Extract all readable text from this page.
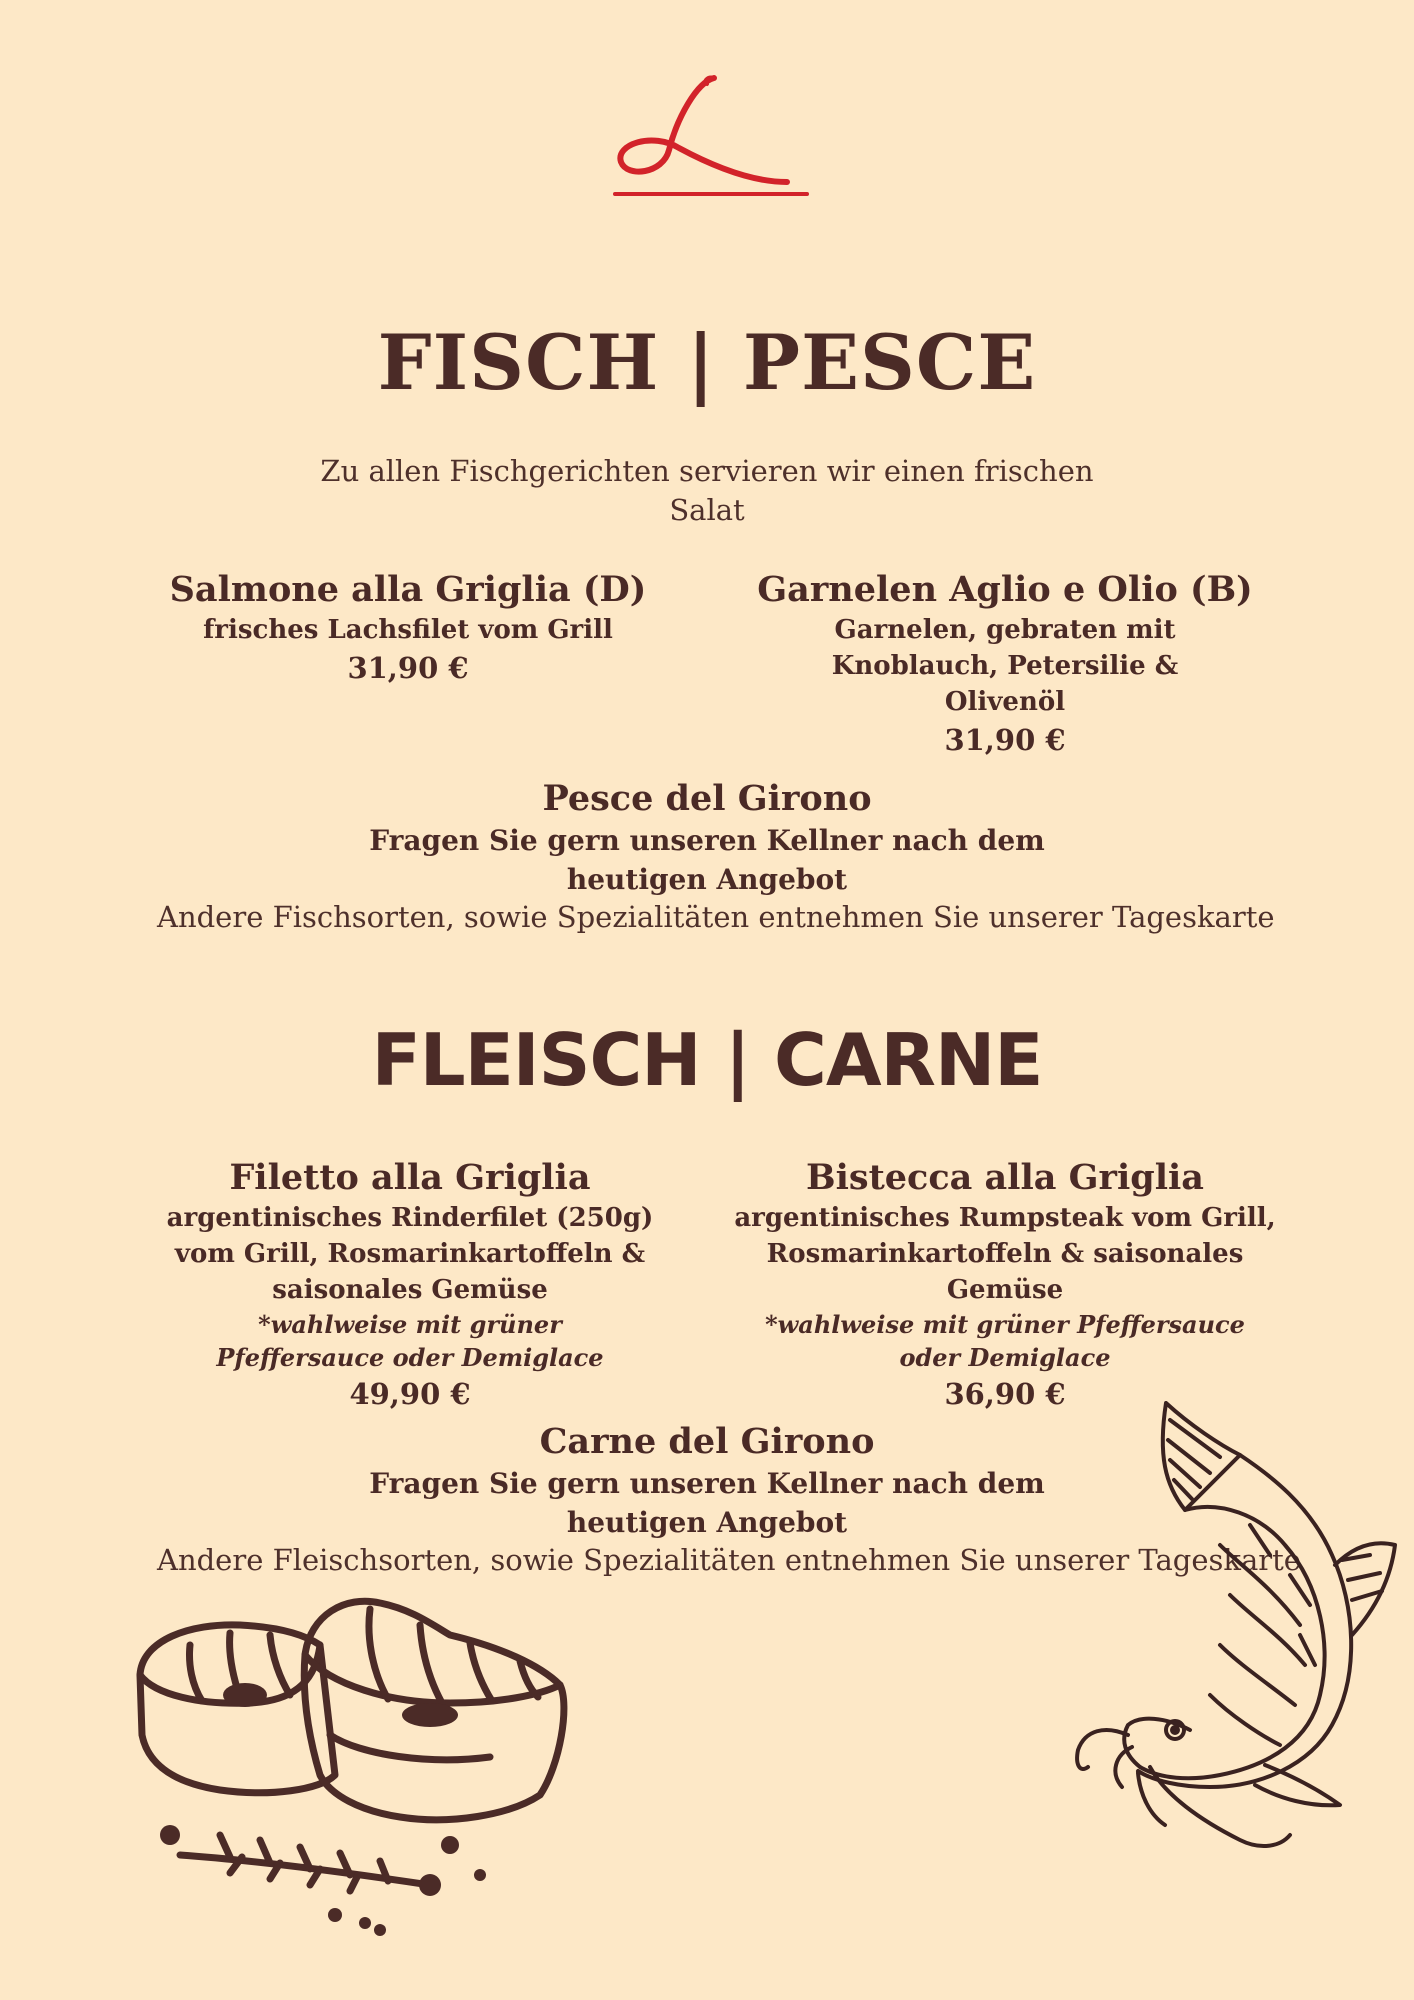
FISCH | PESCE
Zu allen Fischgerichten servieren wir einen frischen Salat
Salmone alla Griglia (D)
frisches Lachsfilet vom Grill
31,90 €
Garnelen Aglio e Olio (B)
Garnelen, gebraten mit Knoblauch, Petersilie & Olivenöl
31,90 €
Pesce del Girono
Fragen Sie gern unseren Kellner nach dem heutigen Angebot
Andere Fischsorten, sowie Spezialitäten entnehmen Sie unserer Tageskarte
FLEISCH | CARNE
Filetto alla Griglia
argentinisches Rinderfilet (250g) vom Grill, Rosmarinkartoffeln & saisonales Gemüse
*wahlweise mit grüner Pfeffersauce oder Demiglace
49,90 €
Bistecca alla Griglia
argentinisches Rumpsteak vom Grill, Rosmarinkartoffeln & saisonales Gemüse
*wahlweise mit grüner Pfeffersauce oder Demiglace
36,90 €
Carne del Girono
Fragen Sie gern unseren Kellner nach dem heutigen Angebot
Andere Fleischsorten, sowie Spezialitäten entnehmen Sie unserer Tageskarte
